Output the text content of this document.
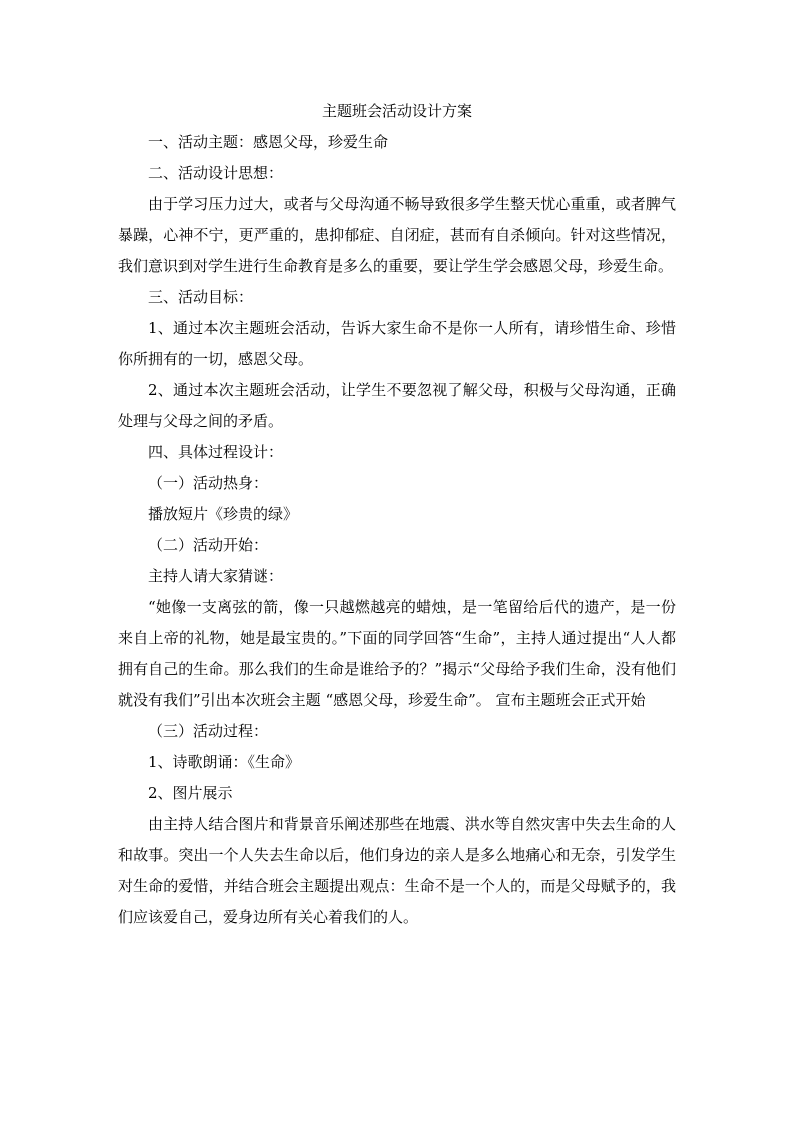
主题班会活动设计方案

一、活动主题：感恩父母，珍爱生命

二、活动设计思想：

由于学习压力过大，或者与父母沟通不畅导致很多学生整天忧心重重，或者脾气暴躁，心神不宁，更严重的，患抑郁症、自闭症，甚而有自杀倾向。针对这些情况，我们意识到对学生进行生命教育是多么的重要，要让学生学会感恩父母，珍爱生命。

三、活动目标：

1、通过本次主题班会活动，告诉大家生命不是你一人所有，请珍惜生命、珍惜你所拥有的一切，感恩父母。

2、通过本次主题班会活动，让学生不要忽视了解父母，积极与父母沟通，正确处理与父母之间的矛盾。

四、具体过程设计：

（一）活动热身：

播放短片《珍贵的绿》

（二）活动开始：

主持人请大家猜谜：

“她像一支离弦的箭，像一只越燃越亮的蜡烛，是一笔留给后代的遗产，是一份来自上帝的礼物，她是最宝贵的。”下面的同学回答“生命”，主持人通过提出“人人都拥有自己的生命。那么我们的生命是谁给予的？”揭示“父母给予我们生命，没有他们就没有我们”引出本次班会主题 “感恩父母，珍爱生命”。 宣布主题班会正式开始

（三）活动过程：

1、诗歌朗诵：《生命》

2、图片展示

由主持人结合图片和背景音乐阐述那些在地震、洪水等自然灾害中失去生命的人和故事。突出一个人失去生命以后，他们身边的亲人是多么地痛心和无奈，引发学生对生命的爱惜，并结合班会主题提出观点：生命不是一个人的，而是父母赋予的，我们应该爱自己，爱身边所有关心着我们的人。
